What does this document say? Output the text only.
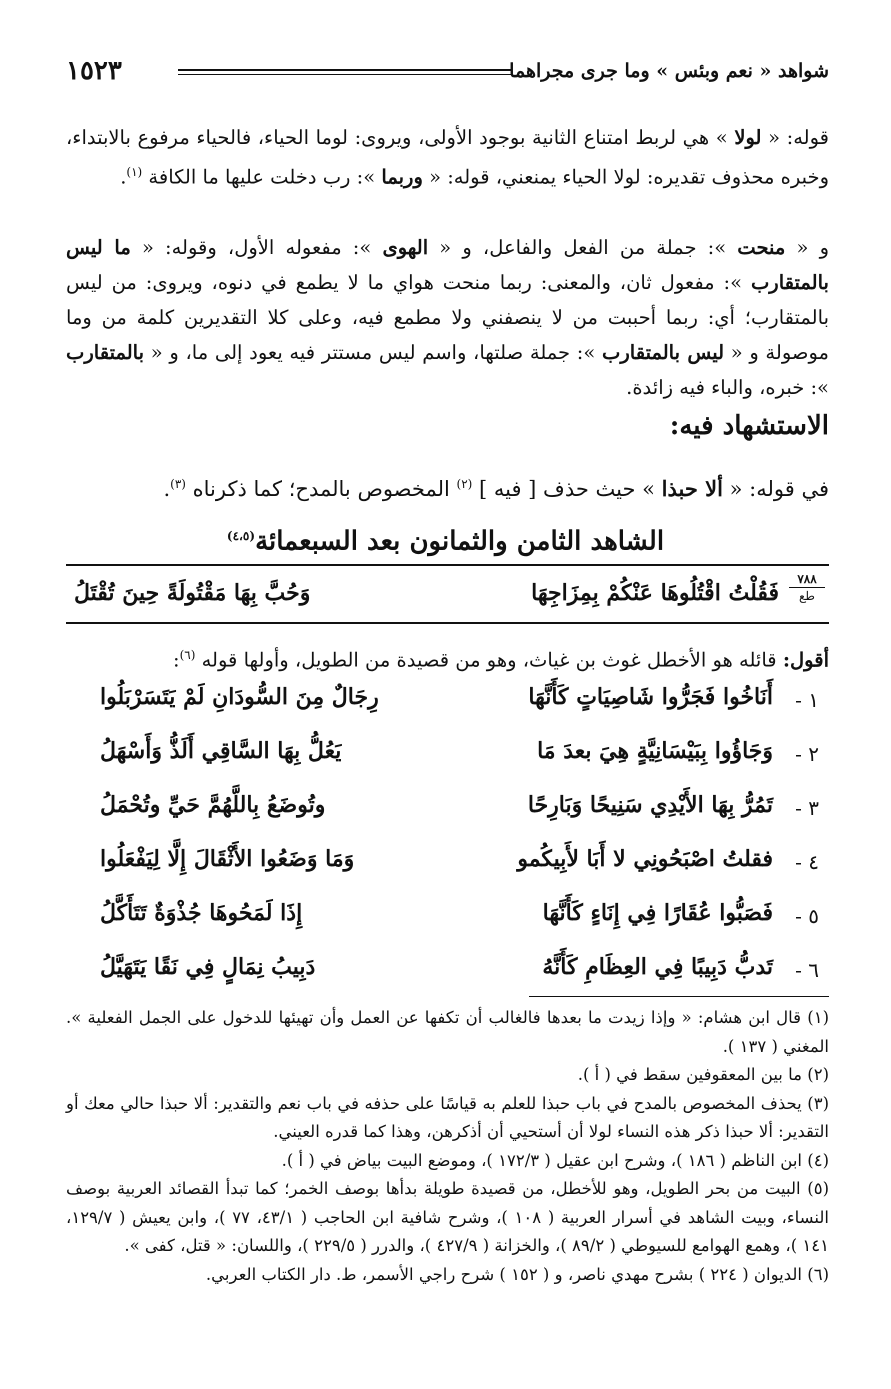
شواهد « نعم وبئس » وما جرى مجراهما
١٥٢٣

قوله: « لولا » هي لربط امتناع الثانية بوجود الأولى، ويروى: لوما الحياء، فالحياء مرفوع بالابتداء، وخبره محذوف تقديره: لولا الحياء يمنعني، قوله: « وربما »: رب دخلت عليها ما الكافة $^{(١)}$.

و « منحت »: جملة من الفعل والفاعل، و « الهوى »: مفعوله الأول، وقوله: « ما ليس بالمتقارب »: مفعول ثان، والمعنى: ربما منحت هواي ما لا يطمع في دنوه، ويروى: من ليس بالمتقارب؛ أي: ربما أحببت من لا ينصفني ولا مطمع فيه، وعلى كلا التقديرين كلمة من وما موصولة و « ليس بالمتقارب »: جملة صلتها، واسم ليس مستتر فيه يعود إلى ما، و « بالمتقارب »: خبره، والباء فيه زائدة.

الاستشهاد فيه:
في قوله: « ألا حبذا » حيث حذف [ فيه ] $^{(٢)}$ المخصوص بالمدح؛ كما ذكرناه $^{(٣)}$.
الشاهد الثامن والثمانون بعد السبعمائة$^{(٤،٥)}$
٧٨٨
طع
فَقُلْتُ اقْتُلُوهَا عَنْكُمْ بِمِزَاجِهَا
وَحُبَّ بِهَا مَقْتُولَةً حِينَ تُقْتَلُ
أقول: قائله هو الأخطل غوث بن غياث، وهو من قصيدة من الطويل، وأولها قوله $^{(٦)}$:
١ -
أَنَاخُوا فَجَرُّوا شَاصِيَاتٍ كَأَنَّهَا
رِجَالٌ مِنَ السُّودَانِ لَمْ يَتَسَرْبَلُوا
٢ -
وَجَاؤُوا بِبَيْسَانِيَّةٍ هِيَ بعدَ مَا
يَعُلُّ بِهَا السَّاقِي أَلَذُّ وَأَسْهَلُ
٣ -
تَمُرُّ بِهَا الأَيْدِي سَنِيحًا وَبَارِحًا
وتُوضَعُ بِاللَّهُمَّ حَيِّ وتُحْمَلُ
٤ -
فقلتُ اصْبَحُونِي لا أَبَا لأَبِيكُمو
وَمَا وَضَعُوا الأَثْقَالَ إِلَّا لِيَفْعَلُوا
٥ -
فَصَبُّوا عُقَارًا فِي إِنَاءٍ كَأَنَّهَا
إِذَا لَمَحُوهَا جُذْوَةٌ تَتَأَكَّلُ
٦ -
تَدبُّ دَبِيبًا فِي العِظَامِ كَأَنَّهُ
دَبِيبُ نِمَالٍ فِي نَقًا يَتَهَيَّلُ

(١) قال ابن هشام: « وإذا زيدت ما بعدها فالغالب أن تكفها عن العمل وأن تهيئها للدخول على الجمل الفعلية ». المغني ( ١٣٧ ).

(٢) ما بين المعقوفين سقط في ( أ ).

(٣) يحذف المخصوص بالمدح في باب حبذا للعلم به قياسًا على حذفه في باب نعم والتقدير: ألا حبذا حالي معك أو التقدير: ألا حبذا ذكر هذه النساء لولا أن أستحيي أن أذكرهن، وهذا كما قدره العيني.

(٤) ابن الناظم ( ١٨٦ )، وشرح ابن عقيل ( ١٧٢/٣ )، وموضع البيت بياض في ( أ ).

(٥) البيت من بحر الطويل، وهو للأخطل، من قصيدة طويلة بدأها بوصف الخمر؛ كما تبدأ القصائد العربية بوصف النساء، وبيت الشاهد في أسرار العربية ( ١٠٨ )، وشرح شافية ابن الحاجب ( ٤٣/١، ٧٧ )، وابن يعيش ( ١٢٩/٧، ١٤١ )، وهمع الهوامع للسيوطي ( ٨٩/٢ )، والخزانة ( ٤٢٧/٩ )، والدرر ( ٢٢٩/٥ )، واللسان: « قتل، كفى ».

(٦) الديوان ( ٢٢٤ ) بشرح مهدي ناصر، و ( ١٥٢ ) شرح راجي الأسمر، ط. دار الكتاب العربي.
